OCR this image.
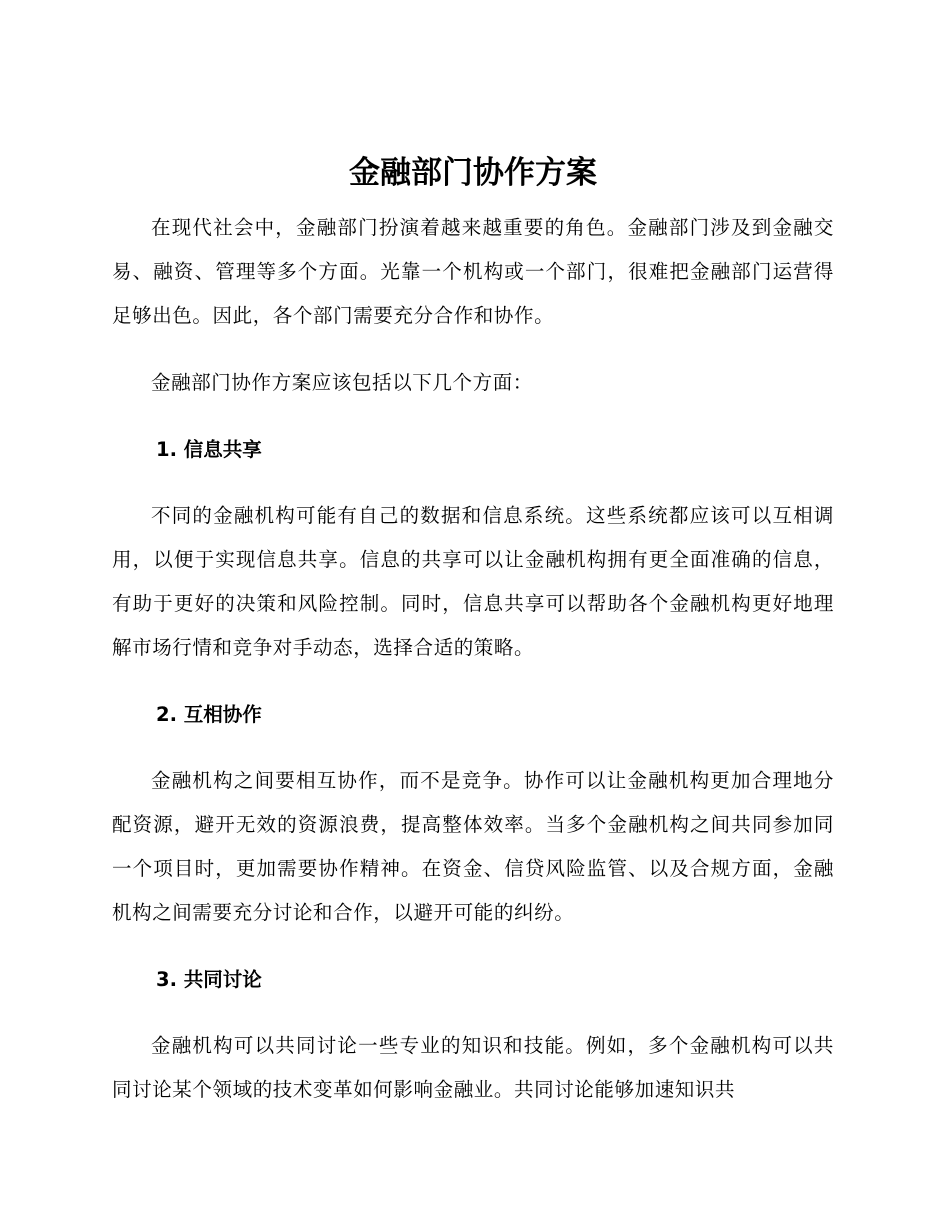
金融部门协作方案

在现代社会中，金融部门扮演着越来越重要的角色。金融部门涉及到金融交易、融资、管理等多个方面。光靠一个机构或一个部门，很难把金融部门运营得足够出色。因此，各个部门需要充分合作和协作。

金融部门协作方案应该包括以下几个方面：

1. 信息共享

不同的金融机构可能有自己的数据和信息系统。这些系统都应该可以互相调用，以便于实现信息共享。信息的共享可以让金融机构拥有更全面准确的信息，有助于更好的决策和风险控制。同时，信息共享可以帮助各个金融机构更好地理解市场行情和竞争对手动态，选择合适的策略。

2. 互相协作

金融机构之间要相互协作，而不是竞争。协作可以让金融机构更加合理地分配资源，避开无效的资源浪费，提高整体效率。当多个金融机构之间共同参加同一个项目时，更加需要协作精神。在资金、信贷风险监管、以及合规方面，金融机构之间需要充分讨论和合作，以避开可能的纠纷。

3. 共同讨论

金融机构可以共同讨论一些专业的知识和技能。例如，多个金融机构可以共同讨论某个领域的技术变革如何影响金融业。共同讨论能够加速知识共
